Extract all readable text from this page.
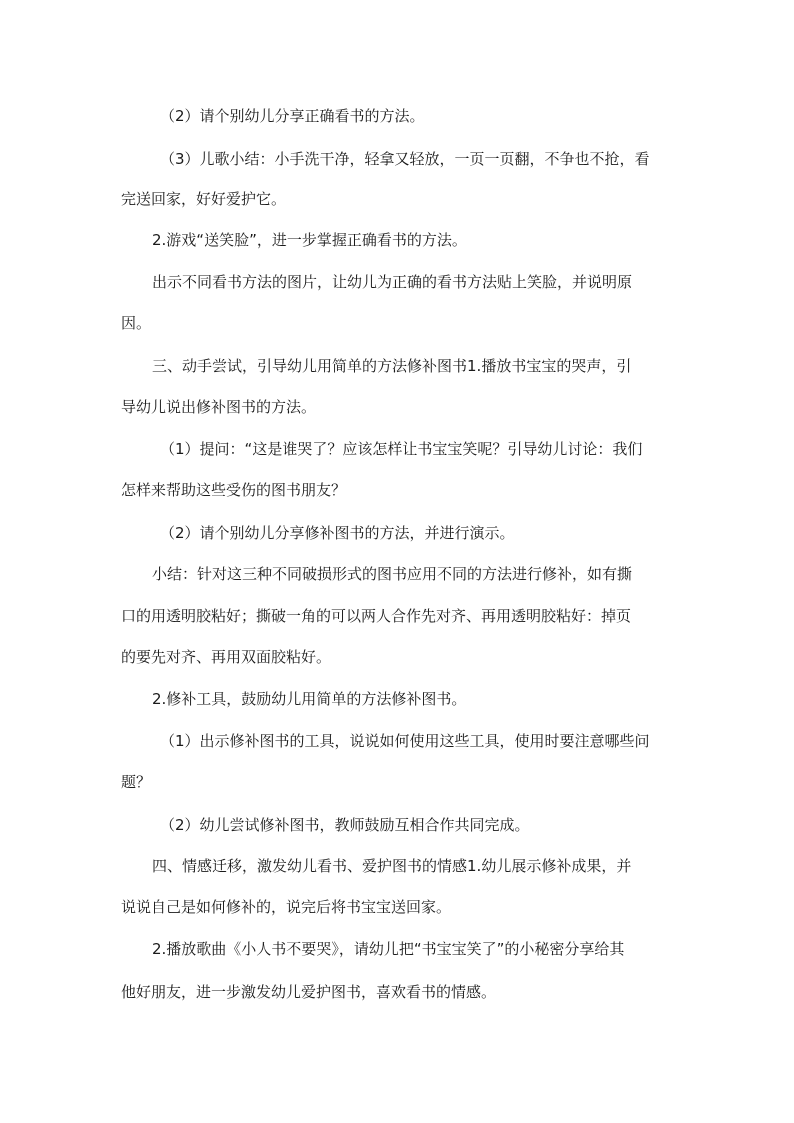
（2）请个别幼儿分享正确看书的方法。
（3）儿歌小结：小手洗干净，轻拿又轻放，一页一页翻，不争也不抢，看
完送回家，好好爱护它。
2.游戏“送笑脸”，进一步掌握正确看书的方法。
出示不同看书方法的图片，让幼儿为正确的看书方法贴上笑脸，并说明原
因。
三、动手尝试，引导幼儿用简单的方法修补图书1.播放书宝宝的哭声，引
导幼儿说出修补图书的方法。
（1）提问：“这是谁哭了？应该怎样让书宝宝笑呢？引导幼儿讨论：我们
怎样来帮助这些受伤的图书朋友？
（2）请个别幼儿分享修补图书的方法，并进行演示。
小结：针对这三种不同破损形式的图书应用不同的方法进行修补，如有撕
口的用透明胶粘好；撕破一角的可以两人合作先对齐、再用透明胶粘好：掉页
的要先对齐、再用双面胶粘好。
2.修补工具，鼓励幼儿用简单的方法修补图书。
（1）出示修补图书的工具，说说如何使用这些工具，使用时要注意哪些问
题？
（2）幼儿尝试修补图书，教师鼓励互相合作共同完成。
四、情感迁移，激发幼儿看书、爱护图书的情感1.幼儿展示修补成果，并
说说自己是如何修补的，说完后将书宝宝送回家。
2.播放歌曲《小人书不要哭》，请幼儿把“书宝宝笑了”的小秘密分享给其
他好朋友，进一步激发幼儿爱护图书，喜欢看书的情感。
